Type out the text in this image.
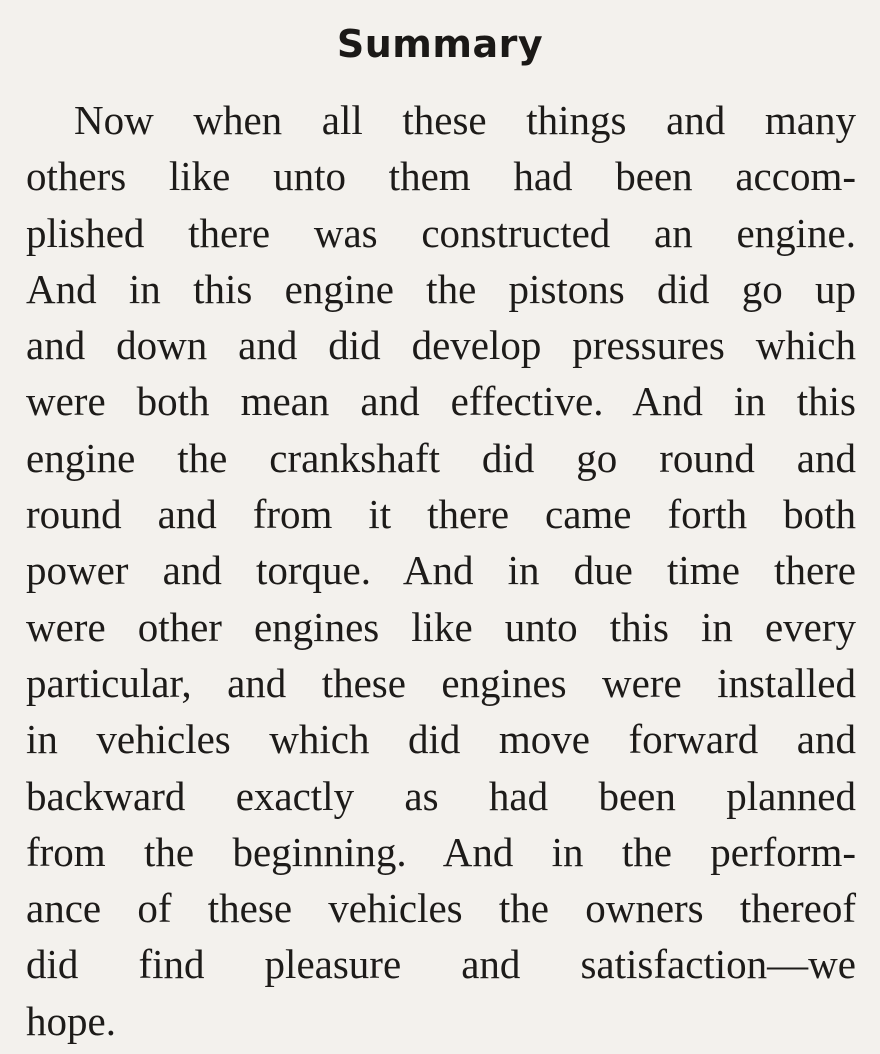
Summary
Now when all these things and many
others like unto them had been accom-
plished there was constructed an engine.
And in this engine the pistons did go up
and down and did develop pressures which
were both mean and effective. And in this
engine the crankshaft did go round and
round and from it there came forth both
power and torque. And in due time there
were other engines like unto this in every
particular, and these engines were installed
in vehicles which did move forward and
backward exactly as had been planned
from the beginning. And in the perform-
ance of these vehicles the owners thereof
did find pleasure and satisfaction—we
hope.
